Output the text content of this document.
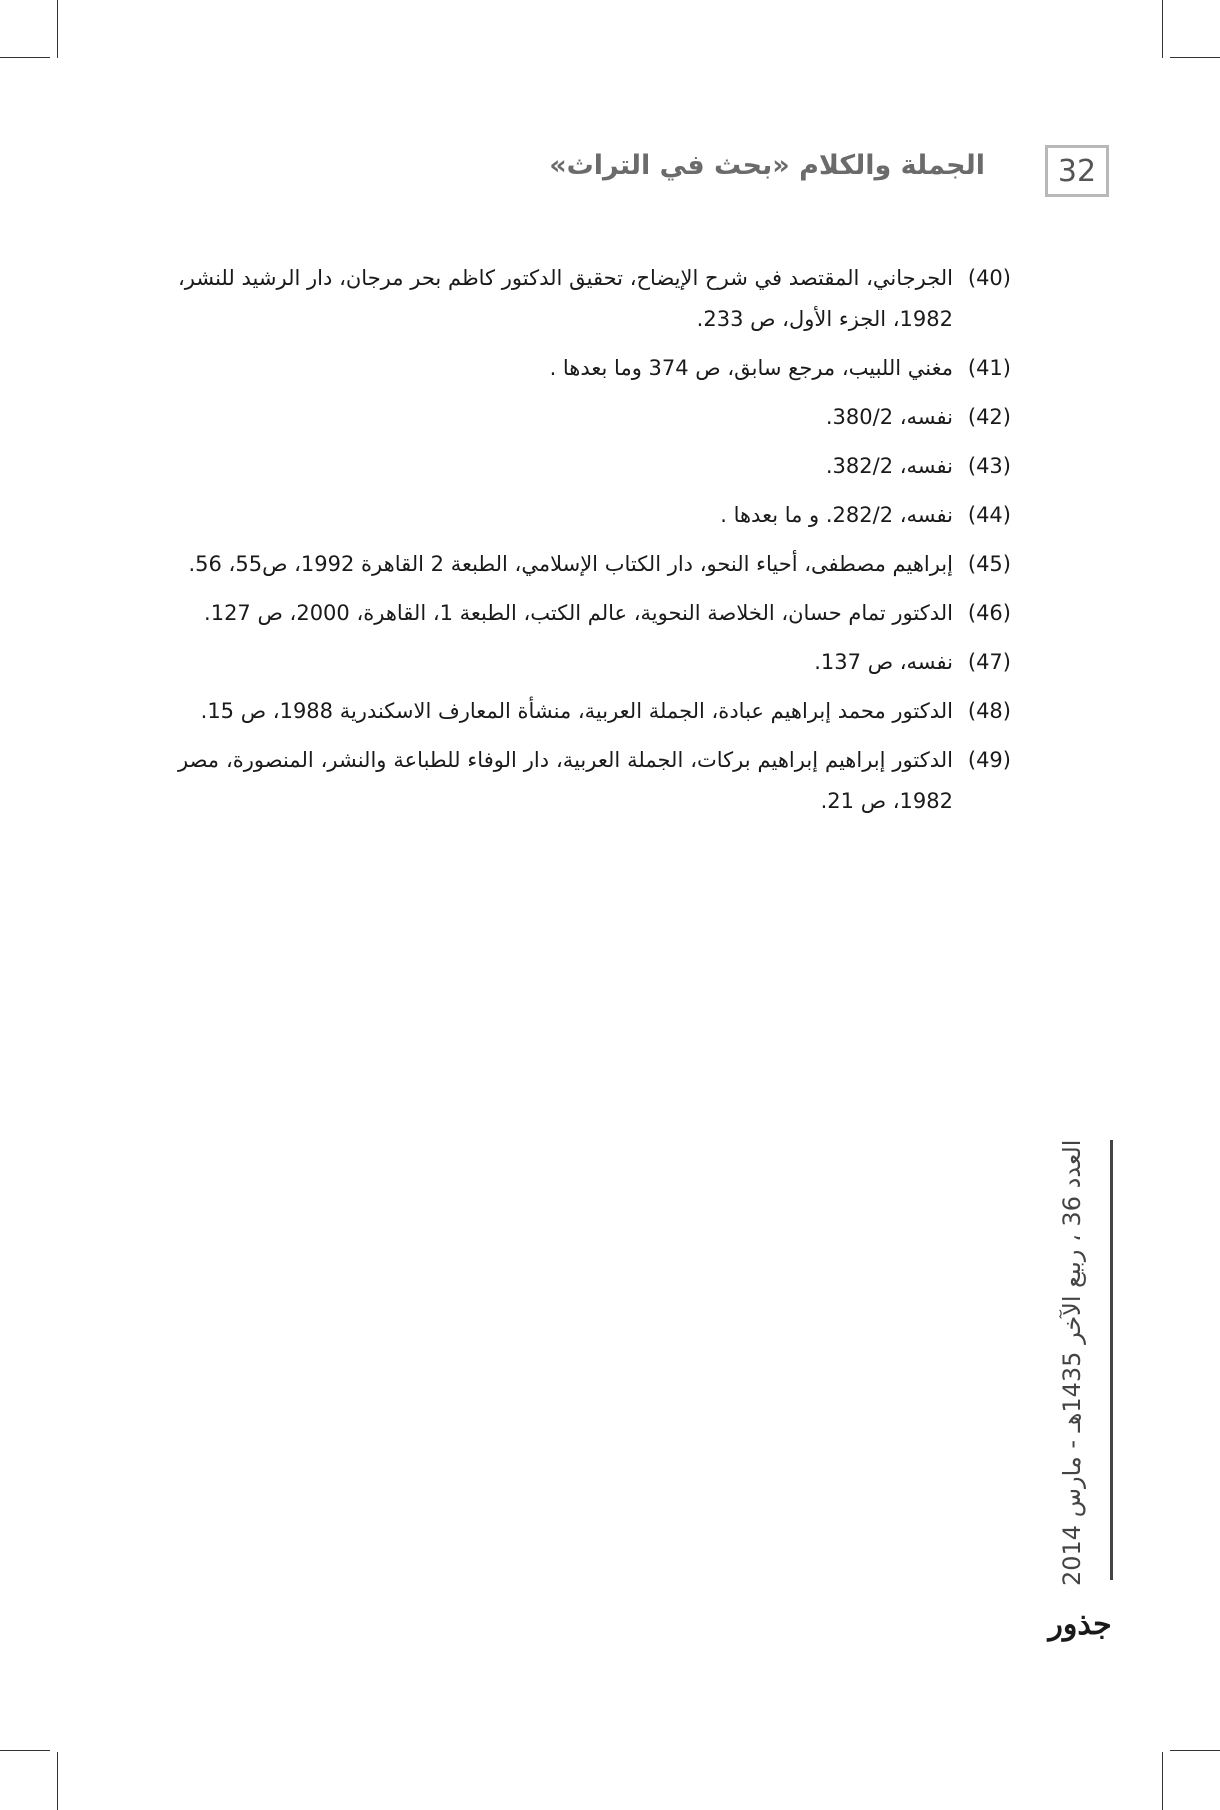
32
الجملة والكلام «بحث في التراث»
(40)
الجرجاني، المقتصد في شرح الإيضاح، تحقيق الدكتور كاظم بحر مرجان، دار الرشيد للنشر، 1982، الجزء الأول، ص 233.
(41)
مغني اللبيب، مرجع سابق، ص 374 وما بعدها .
(42)
نفسه، 380/2.
(43)
نفسه، 382/2.
(44)
نفسه، 282/2. و ما بعدها .
(45)
إبراهيم مصطفى، أحياء النحو، دار الكتاب الإسلامي، الطبعة 2 القاهرة 1992، ص55، 56.
(46)
الدكتور تمام حسان، الخلاصة النحوية، عالم الكتب، الطبعة 1، القاهرة، 2000، ص 127.
(47)
نفسه، ص 137.
(48)
الدكتور محمد إبراهيم عبادة، الجملة العربية، منشأة المعارف الاسكندرية 1988، ص 15.
(49)
الدكتور إبراهيم إبراهيم بركات، الجملة العربية، دار الوفاء للطباعة والنشر، المنصورة، مصر 1982، ص 21.
العدد 36 ، ربيع الآخر 1435هـ - مارس 2014
جذور
